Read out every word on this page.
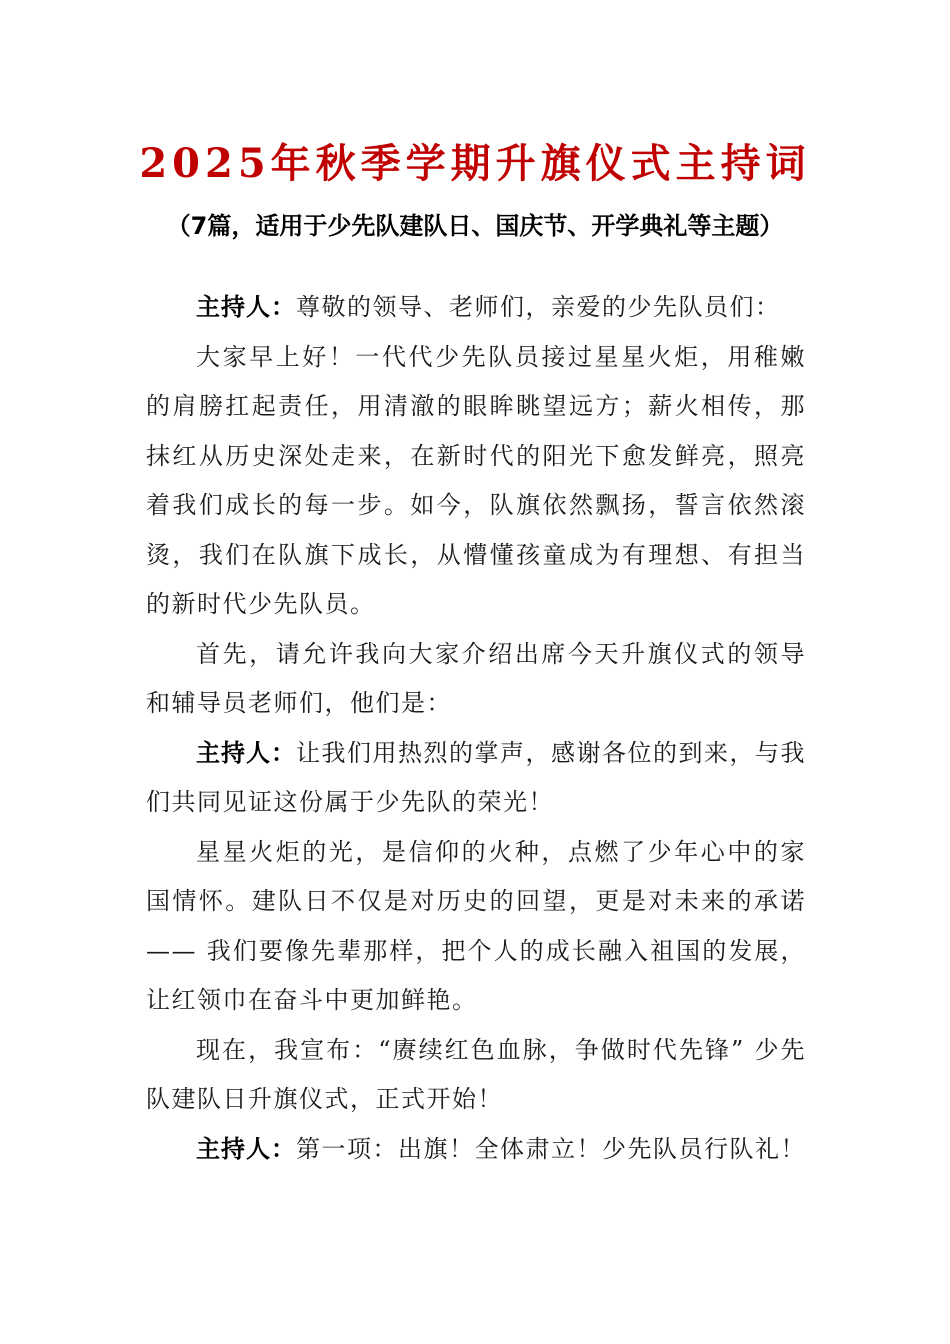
2025年秋季学期升旗仪式主持词
（7篇，适用于少先队建队日、国庆节、开学典礼等主题）

主持人：尊敬的领导、老师们，亲爱的少先队员们：

大家早上好！一代代少先队员接过星星火炬，用稚嫩的肩膀扛起责任，用清澈的眼眸眺望远方；薪火相传，那抹红从历史深处走来，在新时代的阳光下愈发鲜亮，照亮着我们成长的每一步。如今，队旗依然飘扬，誓言依然滚烫，我们在队旗下成长，从懵懂孩童成为有理想、有担当的新时代少先队员。

首先，请允许我向大家介绍出席今天升旗仪式的领导和辅导员老师们，他们是：

主持人：让我们用热烈的掌声，感谢各位的到来，与我们共同见证这份属于少先队的荣光！

星星火炬的光，是信仰的火种，点燃了少年心中的家国情怀。建队日不仅是对历史的回望，更是对未来的承诺—— 我们要像先辈那样，把个人的成长融入祖国的发展，让红领巾在奋斗中更加鲜艳。

现在，我宣布：“赓续红色血脉，争做时代先锋” 少先队建队日升旗仪式，正式开始！

主持人：第一项：出旗！全体肃立！少先队员行队礼！
